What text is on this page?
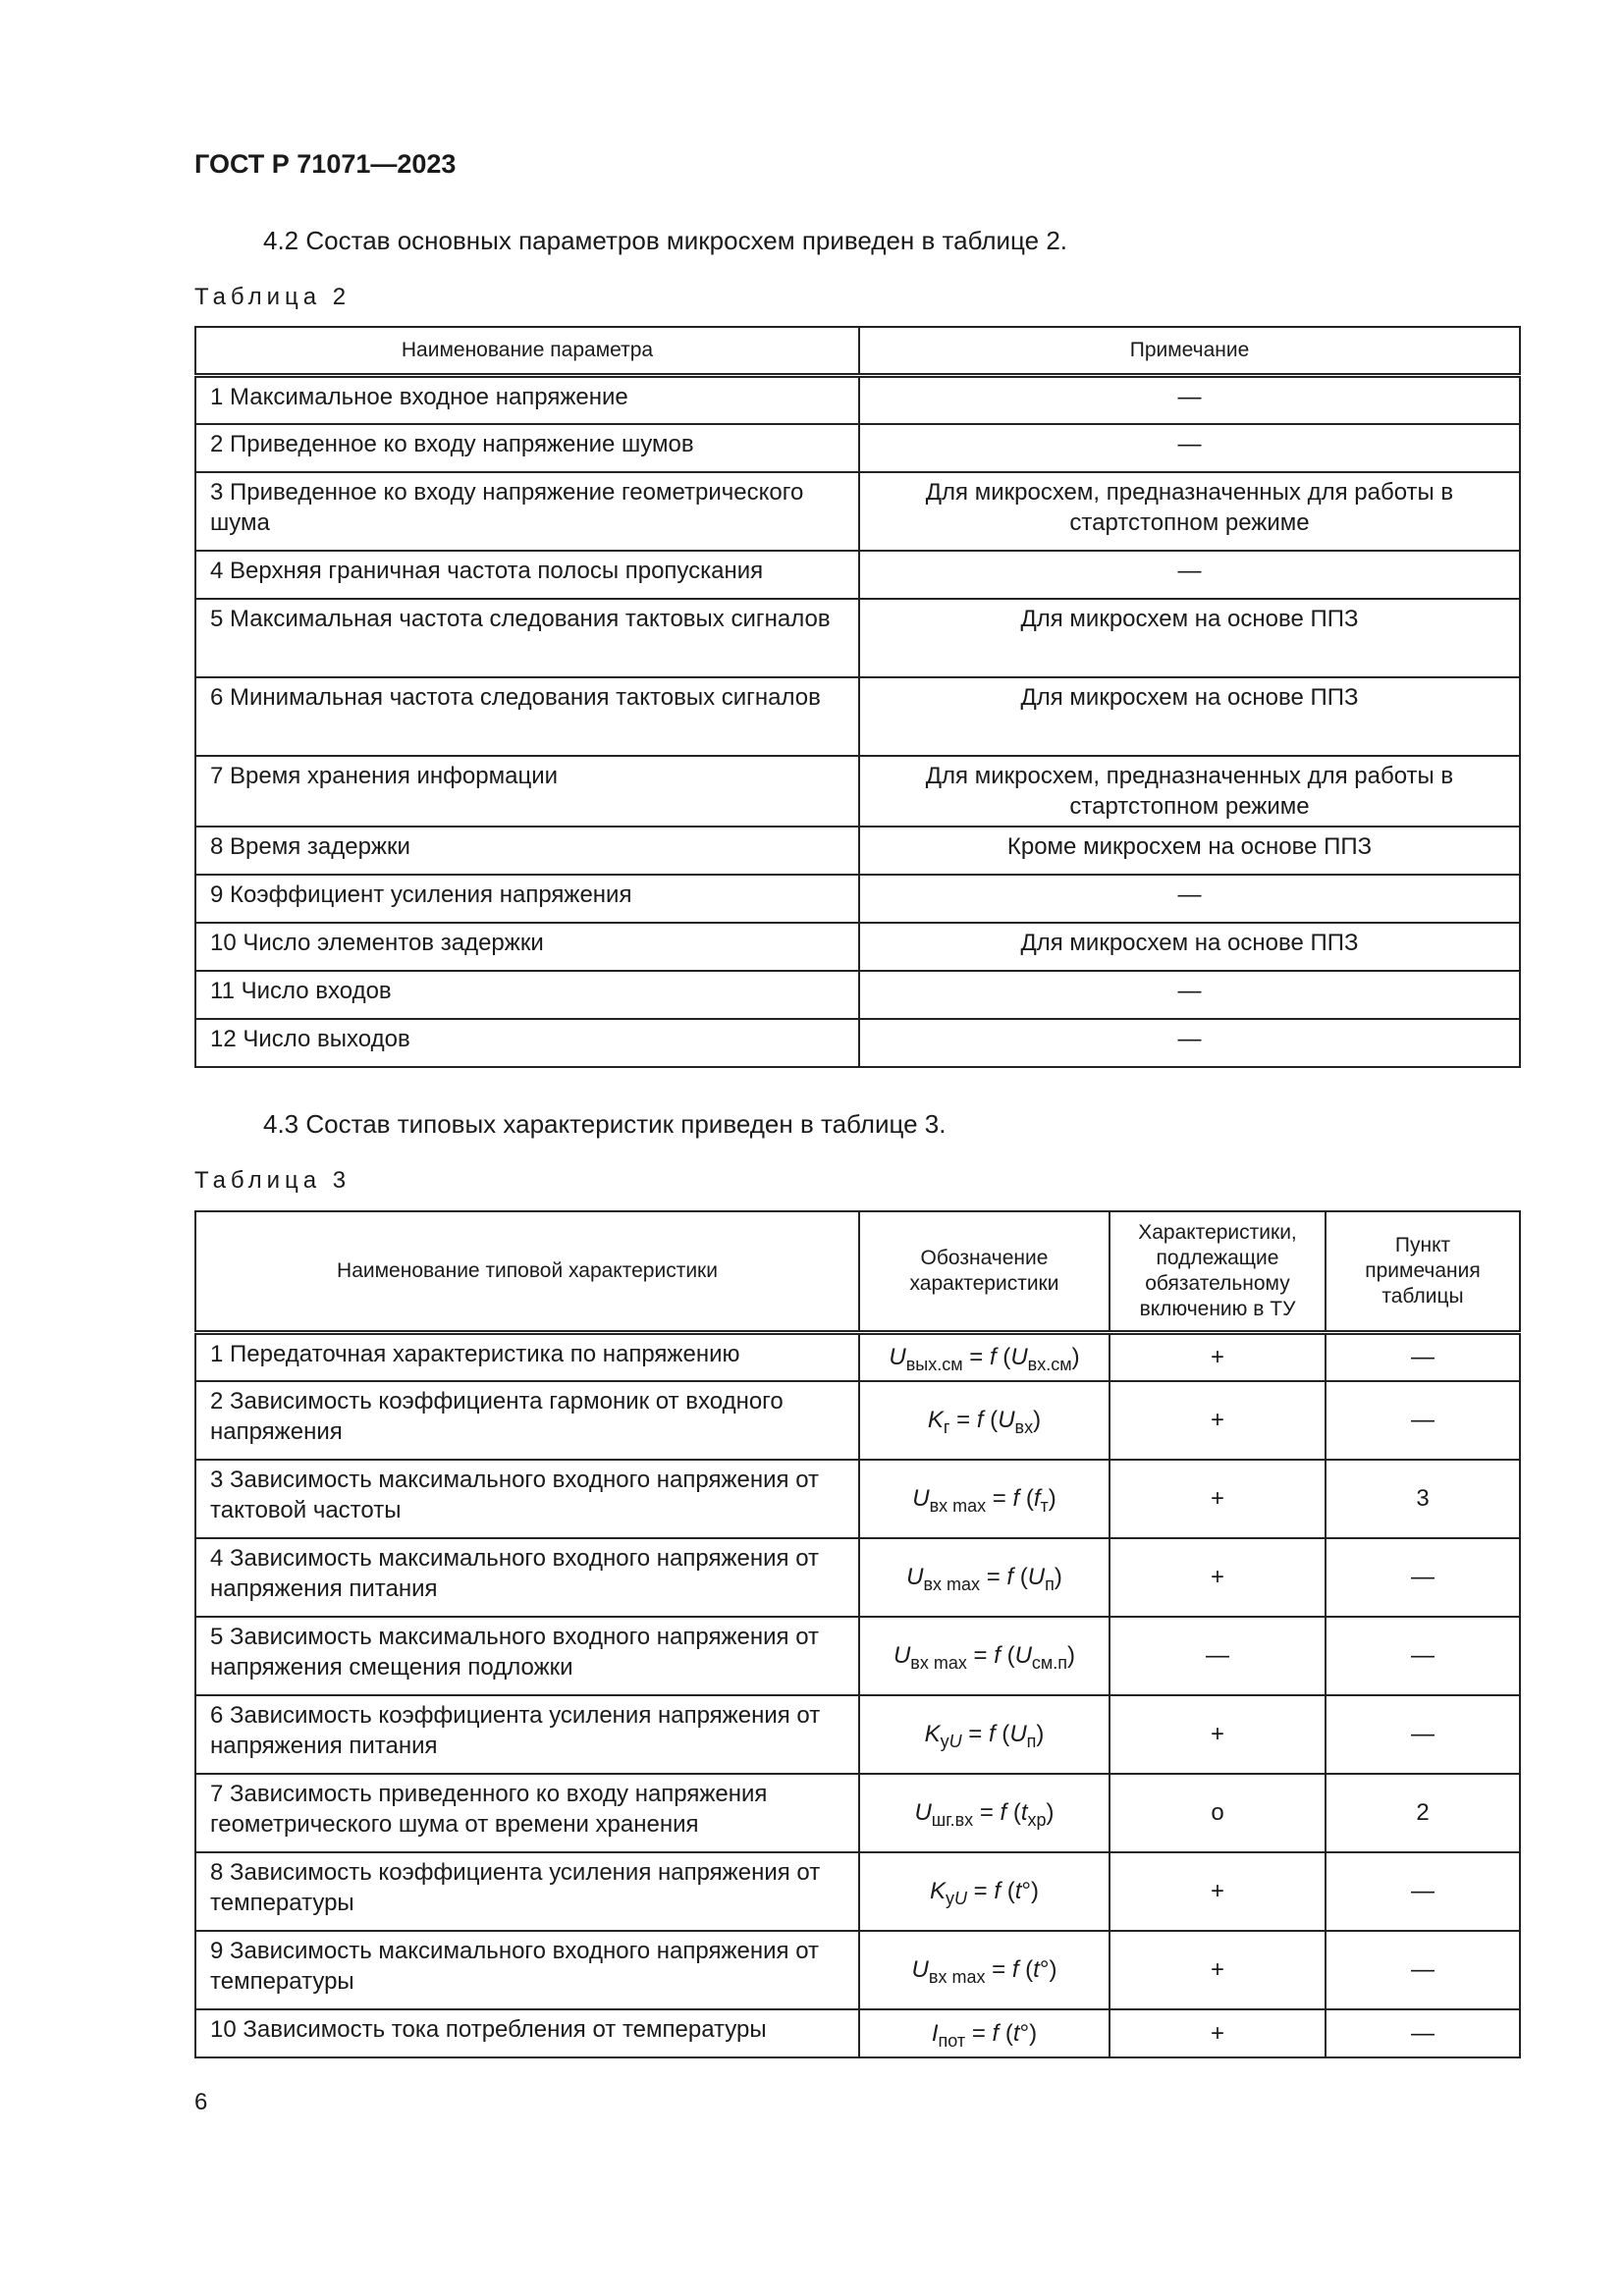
ГОСТ Р 71071—2023
4.2 Состав основных параметров микросхем приведен в таблице 2.
Таблица 2
Наименование параметра	Примечание
1 Максимальное входное напряжение	—
2 Приведенное ко входу напряжение шумов	—
3 Приведенное ко входу напряжение геометрического шума	Для микросхем, предназначенных для работы в стартстопном режиме
4 Верхняя граничная частота полосы пропускания	—
5 Максимальная частота следования тактовых сигналов	Для микросхем на основе ППЗ
6 Минимальная частота следования тактовых сигналов	Для микросхем на основе ППЗ
7 Время хранения информации	Для микросхем, предназначенных для работы в стартстопном режиме
8 Время задержки	Кроме микросхем на основе ППЗ
9 Коэффициент усиления напряжения	—
10 Число элементов задержки	Для микросхем на основе ППЗ
11 Число входов	—
12 Число выходов	—
4.3 Состав типовых характеристик приведен в таблице 3.
Таблица 3
Наименование типовой характеристики	Обозначение характеристики	Характеристики, подлежащие обязательному включению в ТУ	Пункт примечания таблицы
1 Передаточная характеристика по напряжению	$U_{вых.см} = f$ $(U_{вх.см})$	+	—
2 Зависимость коэффициента гармоник от входного напряжения	$K_г = f$ $(U_{вх})$	+	—
3 Зависимость максимального входного напряжения от тактовой частоты	$U_{вх max} = f$ $(f_т)$	+	3
4 Зависимость максимального входного напряжения от напряжения питания	$U_{вх max} = f$ $(U_п)$	+	—
5 Зависимость максимального входного напряжения от напряжения смещения подложки	$U_{вх max} = f$ $(U_{см.п})$	—	—
6 Зависимость коэффициента усиления напряжения от напряжения питания	$K_{уU} = f$ $(U_п)$	+	—
7 Зависимость приведенного ко входу напряжения геометрического шума от времени хранения	$U_{шг.вх} = f$ $(t_{хр})$	о	2
8 Зависимость коэффициента усиления напряжения от температуры	$K_{уU} = f$ (t°)	+	—
9 Зависимость максимального входного напряжения от температуры	$U_{вх max} = f$ (t°)	+	—
10 Зависимость тока потребления от температуры	$I_{пот} = f$ (t°)	+	—
6
